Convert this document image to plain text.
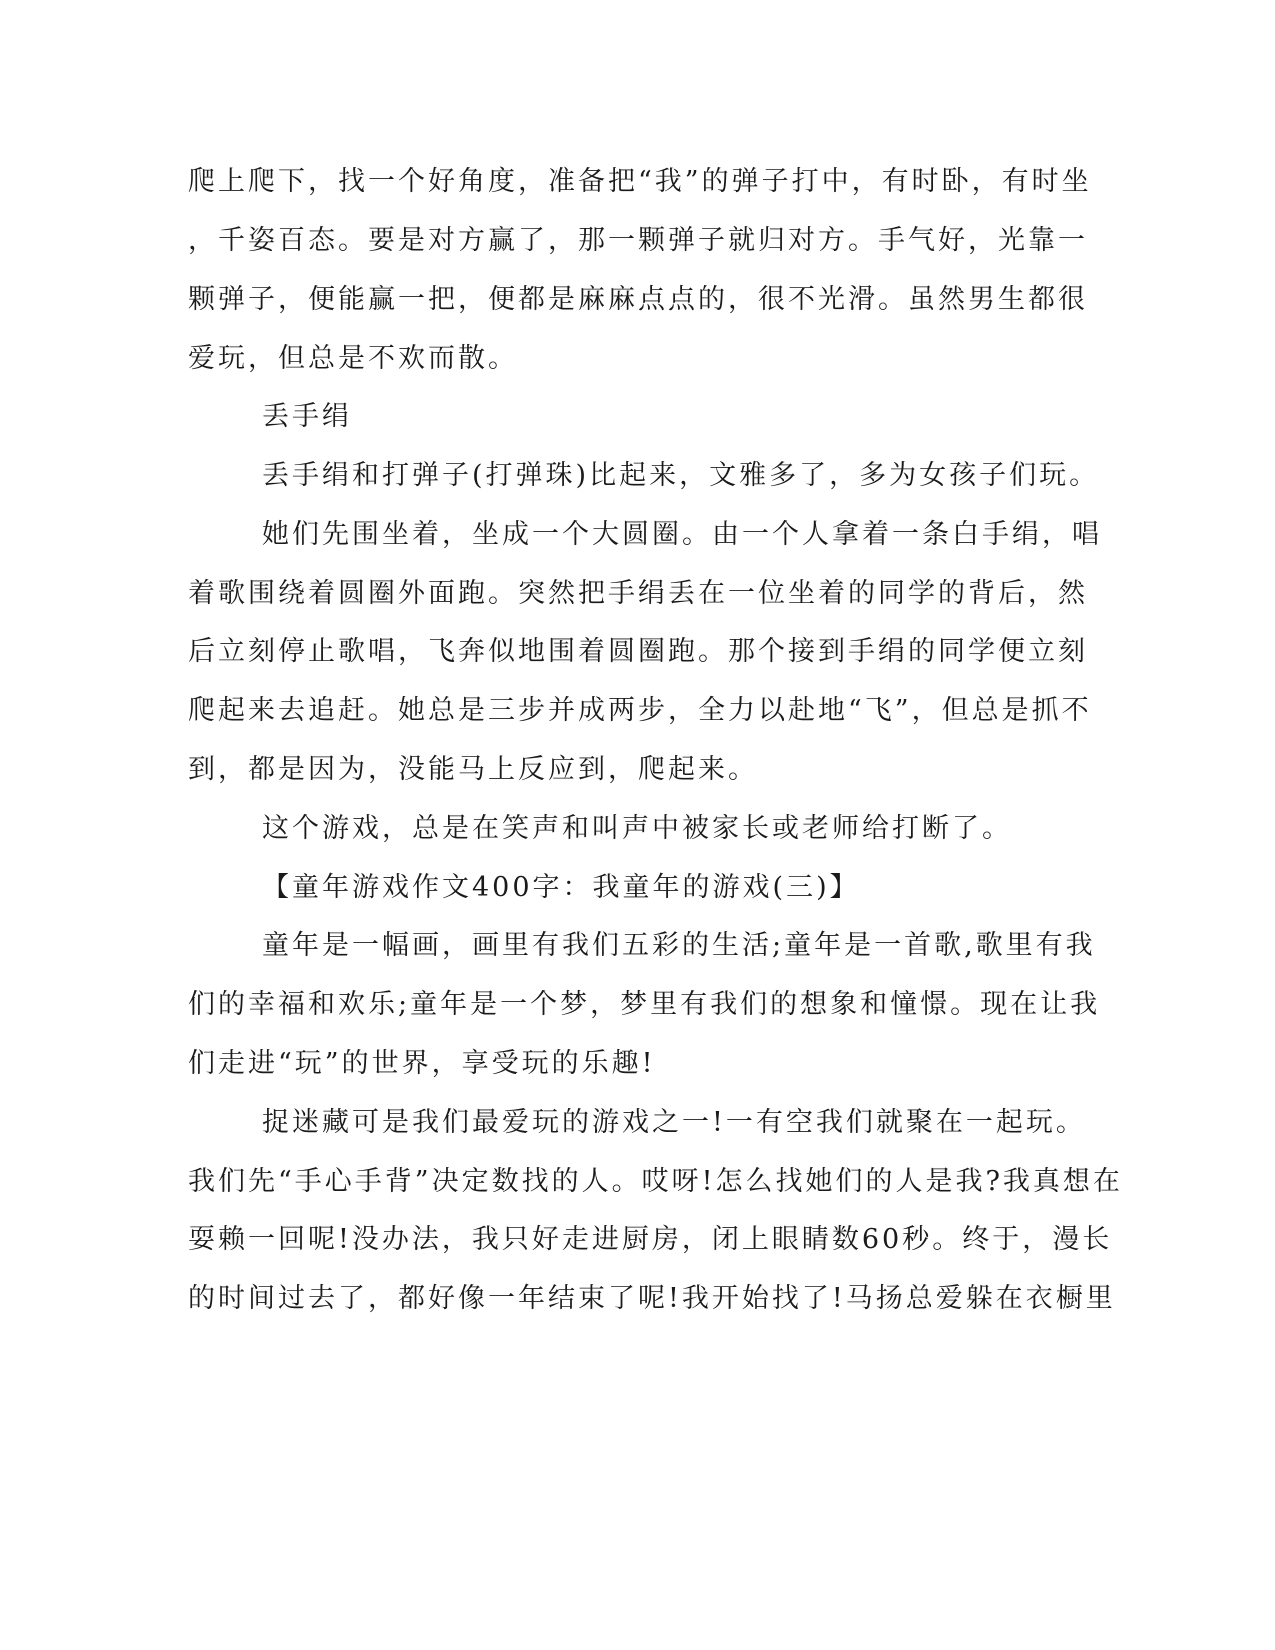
爬上爬下，找一个好角度，准备把“我”的弹子打中，有时卧，有时坐
，千姿百态。要是对方赢了，那一颗弹子就归对方。手气好，光靠一
颗弹子，便能赢一把，便都是麻麻点点的，很不光滑。虽然男生都很
爱玩，但总是不欢而散。
丢手绢
丢手绢和打弹子(打弹珠)比起来，文雅多了，多为女孩子们玩。
她们先围坐着，坐成一个大圆圈。由一个人拿着一条白手绢，唱
着歌围绕着圆圈外面跑。突然把手绢丢在一位坐着的同学的背后，然
后立刻停止歌唱，飞奔似地围着圆圈跑。那个接到手绢的同学便立刻
爬起来去追赶。她总是三步并成两步，全力以赴地“飞”，但总是抓不
到，都是因为，没能马上反应到，爬起来。
这个游戏，总是在笑声和叫声中被家长或老师给打断了。
【童年游戏作文400字：我童年的游戏(三)】
童年是一幅画，画里有我们五彩的生活;童年是一首歌,歌里有我
们的幸福和欢乐;童年是一个梦，梦里有我们的想象和憧憬。现在让我
们走进“玩”的世界，享受玩的乐趣!
捉迷藏可是我们最爱玩的游戏之一!一有空我们就聚在一起玩。
我们先“手心手背”决定数找的人。哎呀!怎么找她们的人是我?我真想在
耍赖一回呢!没办法，我只好走进厨房，闭上眼睛数60秒。终于，漫长
的时间过去了，都好像一年结束了呢!我开始找了!马扬总爱躲在衣橱里
